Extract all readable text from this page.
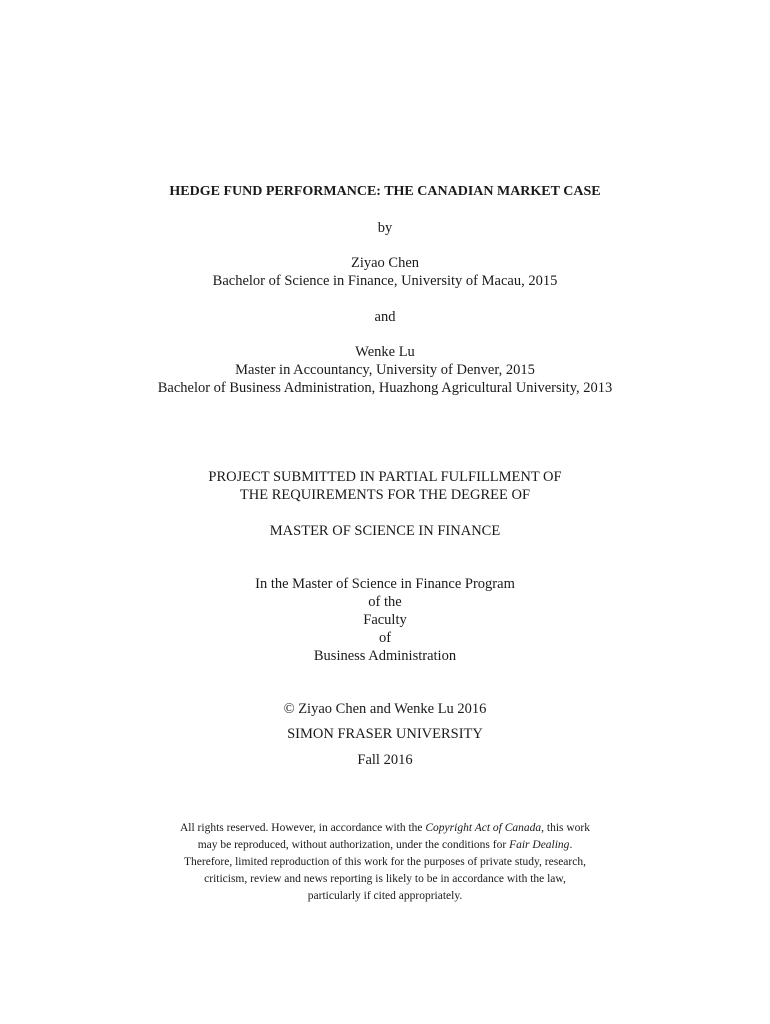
HEDGE FUND PERFORMANCE: THE CANADIAN MARKET CASE
by
Ziyao Chen
Bachelor of Science in Finance, University of Macau, 2015
and
Wenke Lu
Master in Accountancy, University of Denver, 2015
Bachelor of Business Administration, Huazhong Agricultural University, 2013
PROJECT SUBMITTED IN PARTIAL FULFILLMENT OF
THE REQUIREMENTS FOR THE DEGREE OF
MASTER OF SCIENCE IN FINANCE
In the Master of Science in Finance Program
of the
Faculty
of
Business Administration
© Ziyao Chen and Wenke Lu 2016
SIMON FRASER UNIVERSITY
Fall 2016
All rights reserved. However, in accordance with the Copyright Act of Canada, this work
may be reproduced, without authorization, under the conditions for Fair Dealing.
Therefore, limited reproduction of this work for the purposes of private study, research,
criticism, review and news reporting is likely to be in accordance with the law,
particularly if cited appropriately.
